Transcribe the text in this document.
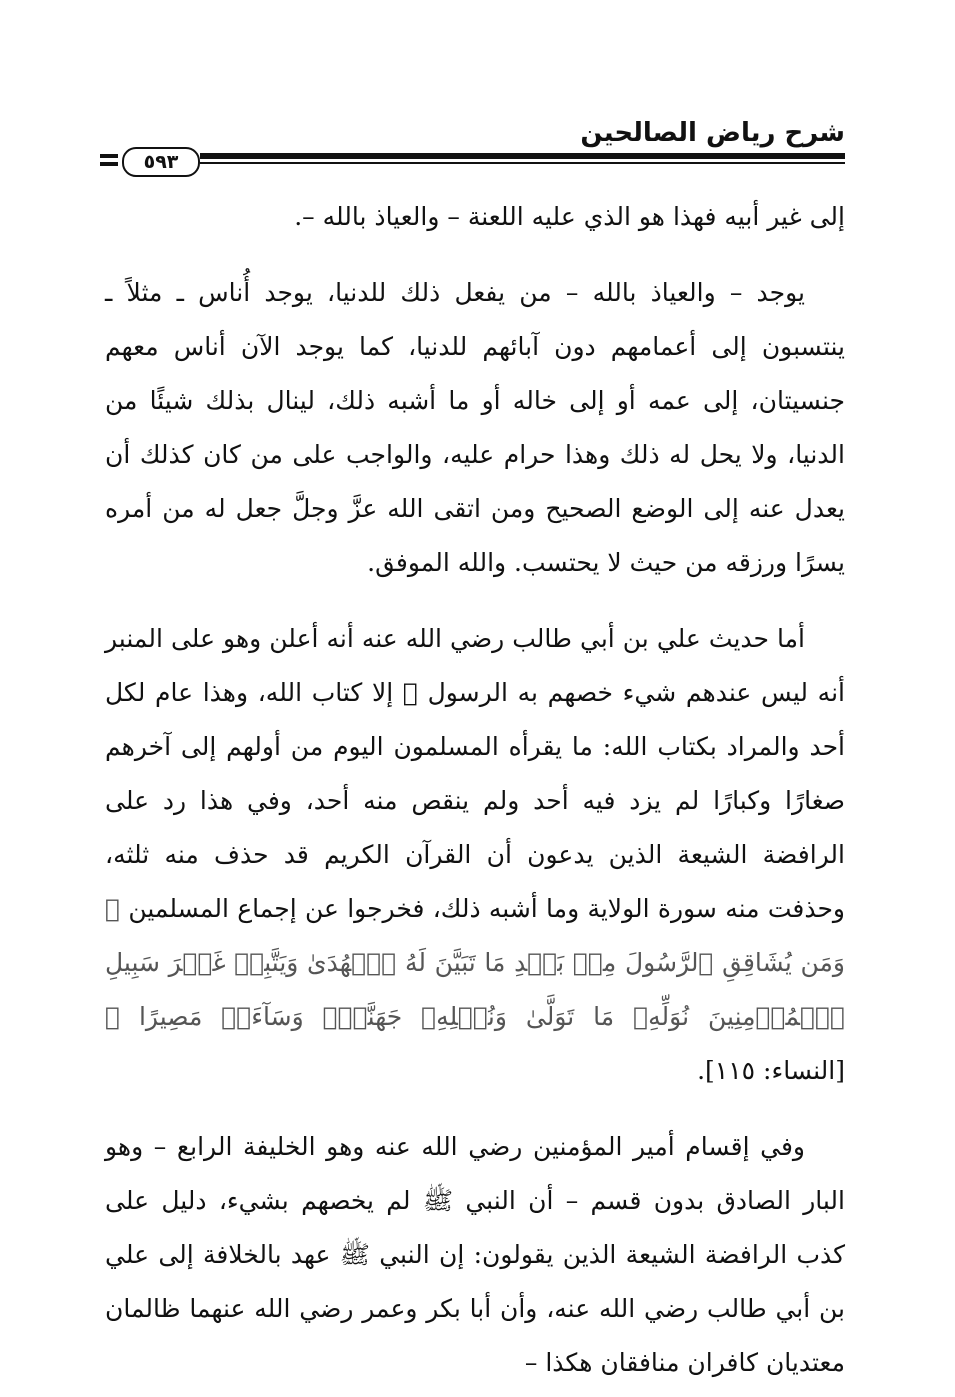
شرح رياض الصالحين
٥٩٣

إلى غير أبيه فهذا هو الذي عليه اللعنة – والعياذ بالله –.

يوجد – والعياذ بالله – من يفعل ذلك للدنيا، يوجد أُناس ـ مثلاً ـ ينتسبون إلى أعمامهم دون آبائهم للدنيا، كما يوجد الآن أناس معهم جنسيتان، إلى عمه أو إلى خاله أو ما أشبه ذلك، لينال بذلك شيئًا من الدنيا، ولا يحل له ذلك وهذا حرام عليه، والواجب على من كان كذلك أن يعدل عنه إلى الوضع الصحيح ومن اتقى الله عزَّ وجلَّ جعل له من أمره يسرًا ورزقه من حيث لا يحتسب. والله الموفق.

أما حديث علي بن أبي طالب رضي الله عنه أنه أعلن وهو على المنبر أنه ليس عندهم شيء خصهم به الرسول ﷺ إلا كتاب الله، وهذا عام لكل أحد والمراد بكتاب الله: ما يقرأه المسلمون اليوم من أولهم إلى آخرهم صغارًا وكبارًا لم يزد فيه أحد ولم ينقص منه أحد، وفي هذا رد على الرافضة الشيعة الذين يدعون أن القرآن الكريم قد حذف منه ثلثه، وحذفت منه سورة الولاية وما أشبه ذلك، فخرجوا عن إجماع المسلمين ﴿ وَمَن يُشَاقِقِ ٱلرَّسُولَ مِنۢ بَعۡدِ مَا تَبَيَّنَ لَهُ ٱلۡهُدَىٰ وَيَتَّبِعۡ غَيۡرَ سَبِيلِ ٱلۡمُؤۡمِنِينَ نُوَلِّهِۦ مَا تَوَلَّىٰ وَنُصۡلِهِۦ جَهَنَّمَۖ وَسَآءَتۡ مَصِيرًا ﴾ [النساء: ١١٥].

وفي إقسام أمير المؤمنين رضي الله عنه وهو الخليفة الرابع – وهو البار الصادق بدون قسم – أن النبي ﷺ لم يخصهم بشيء، دليل على كذب الرافضة الشيعة الذين يقولون: إن النبي ﷺ عهد بالخلافة إلى علي بن أبي طالب رضي الله عنه، وأن أبا بكر وعمر رضي الله عنهما ظالمان معتديان كافران منافقان هكذا –
